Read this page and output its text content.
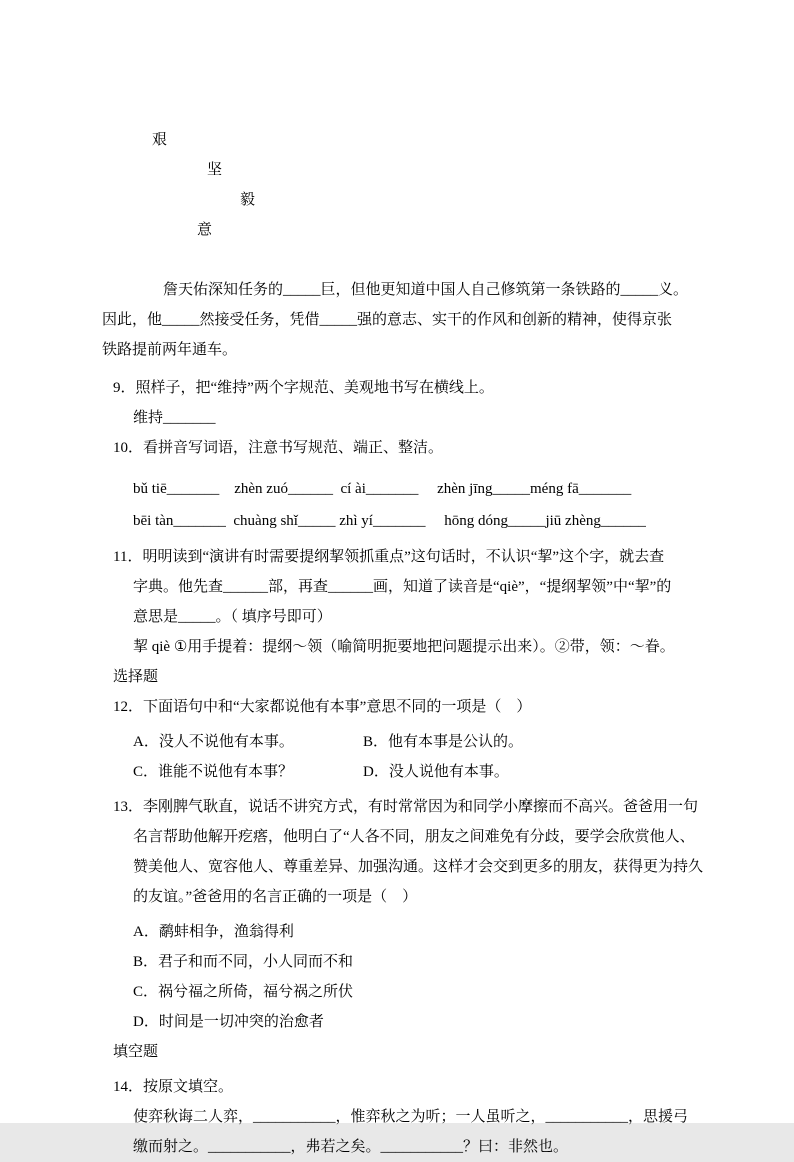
艰
坚
毅
意

詹天佑深知任务的_____巨，但他更知道中国人自己修筑第一条铁路的_____义。
因此，他_____然接受任务，凭借_____强的意志、实干的作风和创新的精神，使得京张
铁路提前两年通车。
9．照样子，把“维持”两个字规范、美观地书写在横线上。
维持_______
10．看拼音写词语，注意书写规范、端正、整洁。
bǔ tiē_______    zhèn zuó______  cí ài_______     zhèn jīng_____méng fā_______
bēi tàn_______  chuàng shǐ_____ zhì yí_______     hōng dóng_____jiū zhèng______
11．明明读到“演讲有时需要提纲挈领抓重点”这句话时，不认识“挈”这个字，就去查
字典。他先查______部，再查______画，知道了读音是“qiè”，“提纲挈领”中“挈”的
意思是_____。（ 填序号即可）
挈 qiè ①用手提着：提纲～领（喻简明扼要地把问题提示出来）。②带，领：～眷。
选择题
12．下面语句中和“大家都说他有本事”意思不同的一项是（    ）
A．没人不说他有本事。	B．他有本事是公认的。
C．谁能不说他有本事？	D．没人说他有本事。
13．李刚脾气耿直，说话不讲究方式，有时常常因为和同学小摩擦而不高兴。爸爸用一句
名言帮助他解开疙瘩，他明白了“人各不同，朋友之间难免有分歧，要学会欣赏他人、
赞美他人、宽容他人、尊重差异、加强沟通。这样才会交到更多的朋友，获得更为持久
的友谊。”爸爸用的名言正确的一项是（    ）
A．鹬蚌相争，渔翁得利
B．君子和而不同，小人同而不和
C．祸兮福之所倚，福兮祸之所伏
D．时间是一切冲突的治愈者
填空题
14．按原文填空。
使弈秋诲二人弈，___________，惟弈秋之为听；一人虽听之，___________，思援弓
缴而射之。___________，弗若之矣。___________？曰：非然也。
